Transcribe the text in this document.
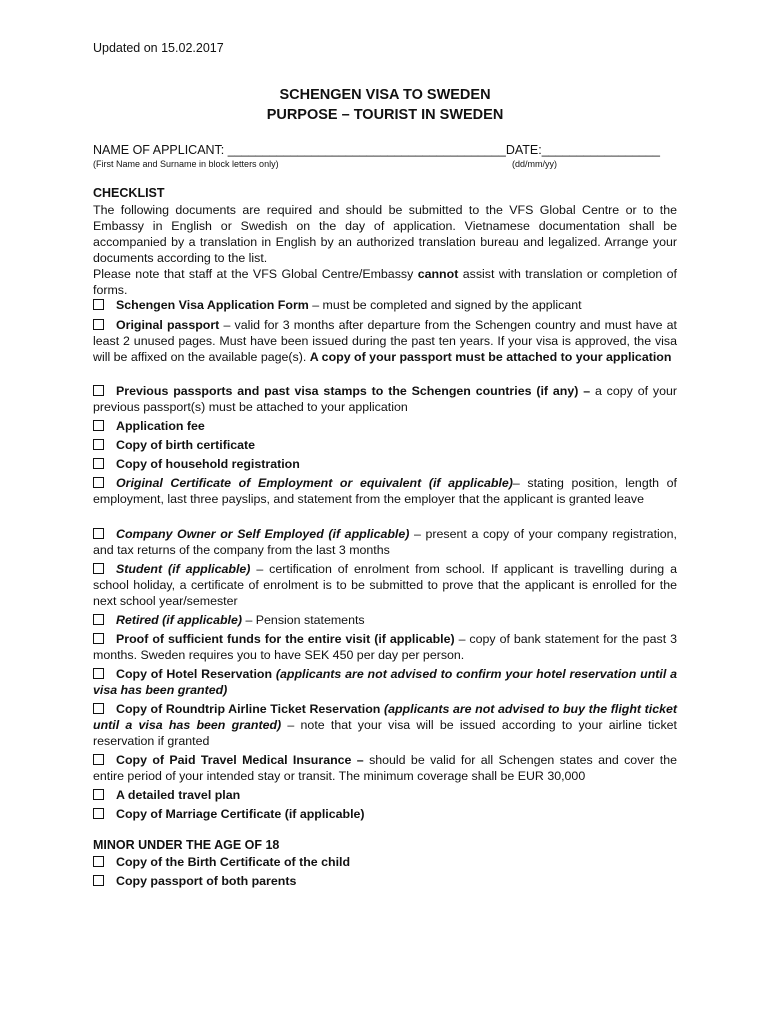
Updated on 15.02.2017
SCHENGEN VISA TO SWEDEN
PURPOSE – TOURIST IN SWEDEN
NAME OF APPLICANT: ________________________________________DATE:_________________
(First Name and Surname in block letters only)	(dd/mm/yy)
CHECKLIST
The following documents are required and should be submitted to the VFS Global Centre or to the Embassy in English or Swedish on the day of application. Vietnamese documentation shall be accompanied by a translation in English by an authorized translation bureau and legalized. Arrange your documents according to the list.
Please note that staff at the VFS Global Centre/Embassy cannot assist with translation or completion of forms.
Schengen Visa Application Form – must be completed and signed by the applicant
Original passport – valid for 3 months after departure from the Schengen country and must have at least 2 unused pages. Must have been issued during the past ten years. If your visa is approved, the visa will be affixed on the available page(s). A copy of your passport must be attached to your application
Previous passports and past visa stamps to the Schengen countries (if any) – a copy of your previous passport(s) must be attached to your application
Application fee
Copy of birth certificate
Copy of household registration
Original Certificate of Employment or equivalent (if applicable)– stating position, length of employment, last three payslips, and statement from the employer that the applicant is granted leave
Company Owner or Self Employed (if applicable) – present a copy of your company registration, and tax returns of the company from the last 3 months
Student (if applicable) – certification of enrolment from school. If applicant is travelling during a school holiday, a certificate of enrolment is to be submitted to prove that the applicant is enrolled for the next school year/semester
Retired (if applicable) – Pension statements
Proof of sufficient funds for the entire visit (if applicable) – copy of bank statement for the past 3 months. Sweden requires you to have SEK 450 per day per person.
Copy of Hotel Reservation (applicants are not advised to confirm your hotel reservation until a visa has been granted)
Copy of Roundtrip Airline Ticket Reservation (applicants are not advised to buy the flight ticket until a visa has been granted) – note that your visa will be issued according to your airline ticket reservation if granted
Copy of Paid Travel Medical Insurance – should be valid for all Schengen states and cover the entire period of your intended stay or transit. The minimum coverage shall be EUR 30,000
A detailed travel plan
Copy of Marriage Certificate (if applicable)
MINOR UNDER THE AGE OF 18
Copy of the Birth Certificate of the child
Copy passport of both parents
